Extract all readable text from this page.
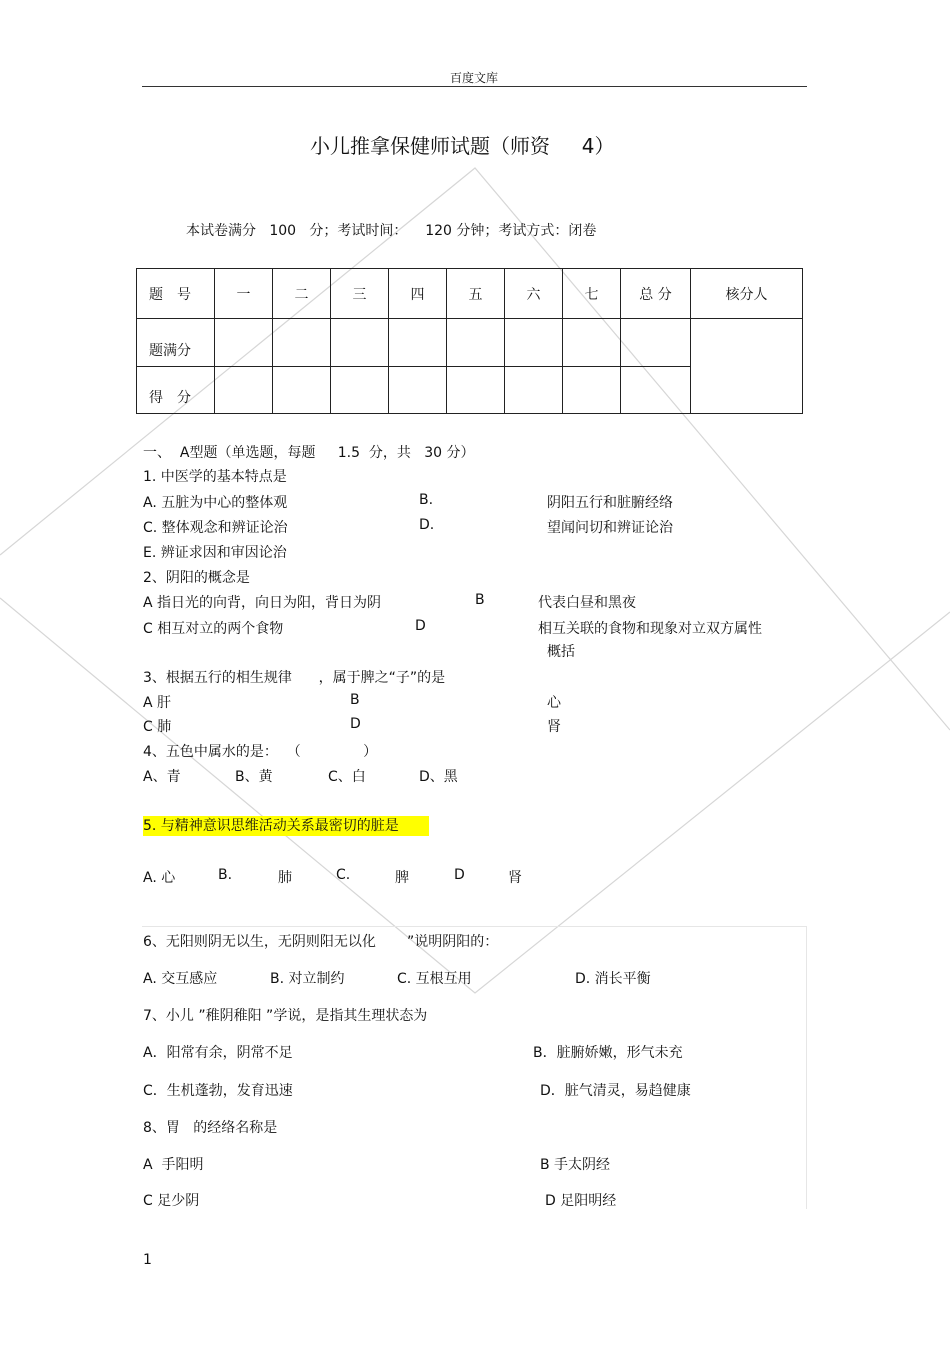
百度文库
小儿推拿保健师试题（师资     4）
本试卷满分   100   分；考试时间：    120 分钟；考试方式：闭卷
题　号	一	二	三	四	五	六	七	总 分	核分人
题满分									
得　分									
一、  A型题（单选题，每题     1.5  分，共   30 分）
1. 中医学的基本特点是
A. 五脏为中心的整体观	B.	阴阳五行和脏腑经络
C. 整体观念和辨证论治	D.	望闻问切和辨证论治
E. 辨证求因和审因论治
2、阴阳的概念是
A 指日光的向背，向日为阳，背日为阴	B	代表白昼和黑夜
C 相互对立的两个食物	D	相互关联的食物和现象对立双方属性
概括
3、根据五行的相生规律      ，属于脾之“子”的是
A 肝	B	心
C 肺	D	肾
4、五色中属水的是：  （              ）
A、青	B、黄	C、白	D、黑
5. 与精神意识思维活动关系最密切的脏是
A. 心	B.	肺	C.	脾	D	肾
6、无阳则阴无以生，无阴则阳无以化       ”说明阴阳的：
A. 交互感应	B. 对立制约	C. 互根互用	D. 消长平衡
7、小儿 ”稚阴稚阳 ”学说，是指其生理状态为
A．阳常有余，阴常不足	B．脏腑娇嫩，形气未充
C．生机蓬勃，发育迅速	D．脏气清灵，易趋健康
8、胃   的经络名称是
A  手阳明	B 手太阴经
C 足少阴	D 足阳明经
1
